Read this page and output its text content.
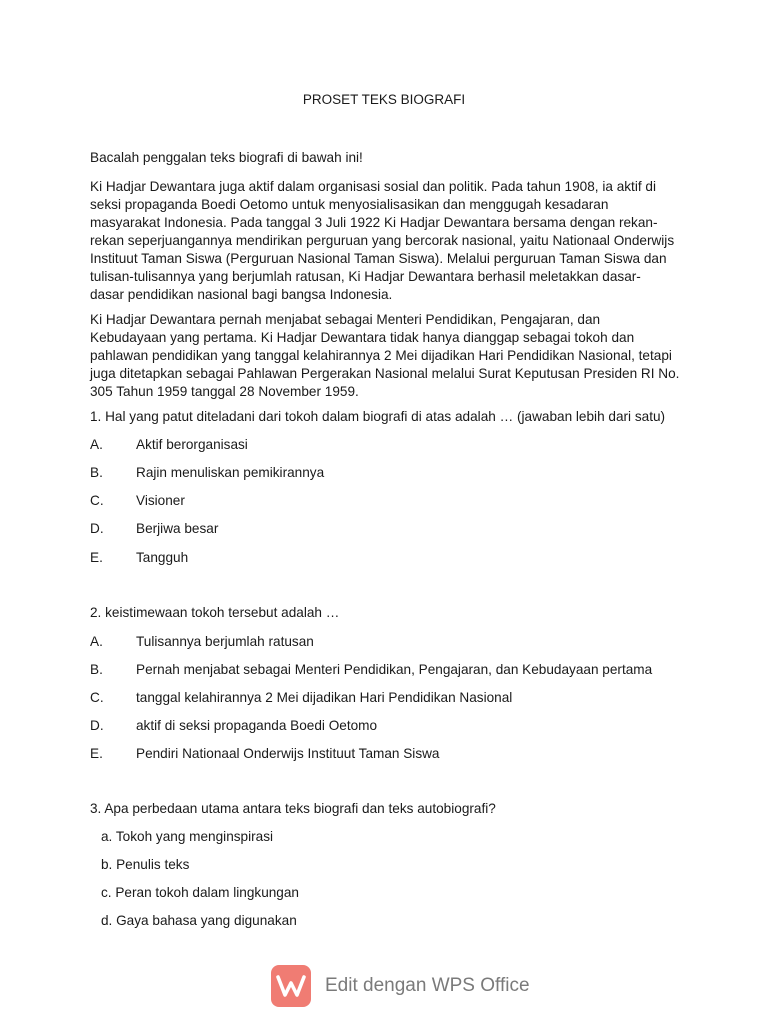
PROSET TEKS BIOGRAFI
Bacalah penggalan teks biografi di bawah ini!
Ki Hadjar Dewantara juga aktif dalam organisasi sosial dan politik. Pada tahun 1908, ia aktif di
seksi propaganda Boedi Oetomo untuk menyosialisasikan dan menggugah kesadaran
masyarakat Indonesia. Pada tanggal 3 Juli 1922 Ki Hadjar Dewantara bersama dengan rekan-
rekan seperjuangannya mendirikan perguruan yang bercorak nasional, yaitu Nationaal Onderwijs
Instituut Taman Siswa (Perguruan Nasional Taman Siswa). Melalui perguruan Taman Siswa dan
tulisan-tulisannya yang berjumlah ratusan, Ki Hadjar Dewantara berhasil meletakkan dasar-
dasar pendidikan nasional bagi bangsa Indonesia.
Ki Hadjar Dewantara pernah menjabat sebagai Menteri Pendidikan, Pengajaran, dan
Kebudayaan yang pertama. Ki Hadjar Dewantara tidak hanya dianggap sebagai tokoh dan
pahlawan pendidikan yang tanggal kelahirannya 2 Mei dijadikan Hari Pendidikan Nasional, tetapi
juga ditetapkan sebagai Pahlawan Pergerakan Nasional melalui Surat Keputusan Presiden RI No.
305 Tahun 1959 tanggal 28 November 1959.
1. Hal yang patut diteladani dari tokoh dalam biografi di atas adalah … (jawaban lebih dari satu)
A. Aktif berorganisasi
B. Rajin menuliskan pemikirannya
C. Visioner
D. Berjiwa besar
E. Tangguh
2. keistimewaan tokoh tersebut adalah …
A. Tulisannya berjumlah ratusan
B. Pernah menjabat sebagai Menteri Pendidikan, Pengajaran, dan Kebudayaan pertama
C. tanggal kelahirannya 2 Mei dijadikan Hari Pendidikan Nasional
D. aktif di seksi propaganda Boedi Oetomo
E. Pendiri Nationaal Onderwijs Instituut Taman Siswa
3. Apa perbedaan utama antara teks biografi dan teks autobiografi?
a. Tokoh yang menginspirasi
b. Penulis teks
c. Peran tokoh dalam lingkungan
d. Gaya bahasa yang digunakan
Edit dengan WPS Office
